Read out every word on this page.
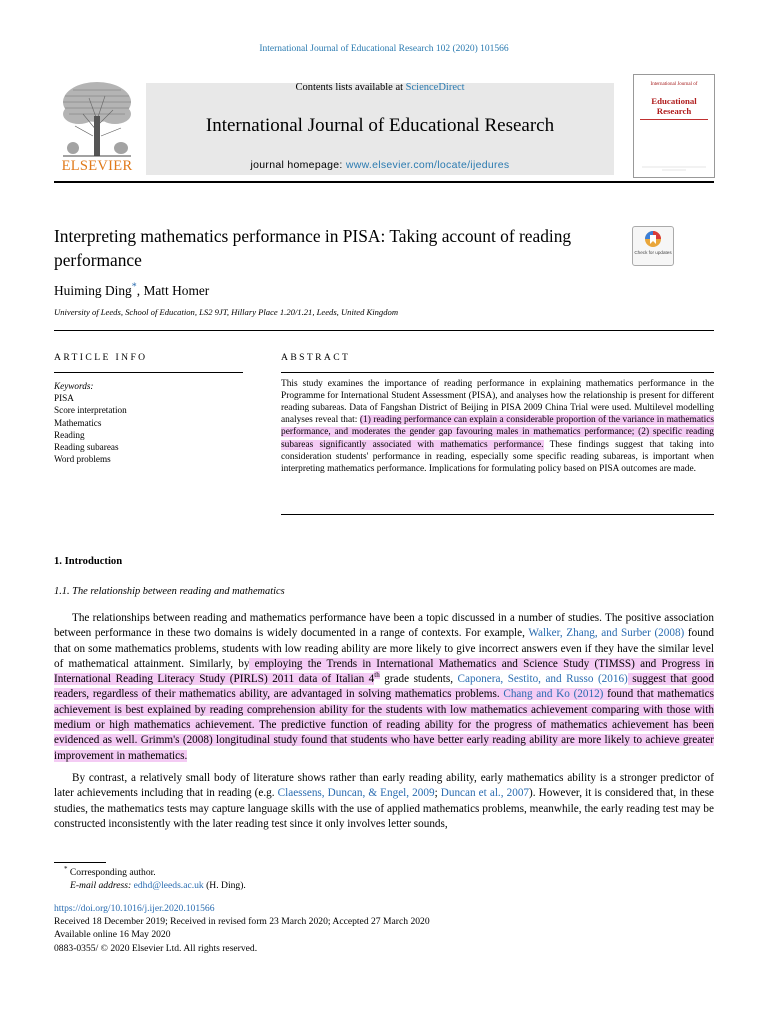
International Journal of Educational Research 102 (2020) 101566
ELSEVIER
Contents lists available at ScienceDirect
International Journal of Educational Research
journal homepage: www.elsevier.com/locate/ijedures
International Journal of
Educational Research
Interpreting mathematics performance in PISA: Taking account of reading performance	Check for updates
Huiming Ding*, Matt Homer
University of Leeds, School of Education, LS2 9JT, Hillary Place 1.20/1.21, Leeds, United Kingdom
ARTICLE INFO	ABSTRACT
Keywords:
PISA
Score interpretation
Mathematics
Reading
Reading subareas
Word problems
This study examines the importance of reading performance in explaining mathematics performance in the Programme for International Student Assessment (PISA), and analyses how the relationship is present for different reading subareas. Data of Fangshan District of Beijing in PISA 2009 China Trial were used. Multilevel modelling analyses reveal that: (1) reading performance can explain a considerable proportion of the variance in mathematics performance, and moderates the gender gap favouring males in mathematics performance; (2) specific reading subareas significantly associated with mathematics performance. These findings suggest that taking into consideration students' performance in reading, especially some specific reading subareas, is important when interpreting mathematics performance. Implications for formulating policy based on PISA outcomes are made.
1. Introduction
1.1. The relationship between reading and mathematics
The relationships between reading and mathematics performance have been a topic discussed in a number of studies. The positive association between performance in these two domains is widely documented in a range of contexts. For example, Walker, Zhang, and Surber (2008) found that on some mathematics problems, students with low reading ability are more likely to give incorrect answers even if they have the similar level of mathematical attainment. Similarly, by employing the Trends in International Mathematics and Science Study (TIMSS) and Progress in International Reading Literacy Study (PIRLS) 2011 data of Italian 4th grade students, Caponera, Sestito, and Russo (2016) suggest that good readers, regardless of their mathematics ability, are advantaged in solving mathematics problems. Chang and Ko (2012) found that mathematics achievement is best explained by reading comprehension ability for the students with low mathematics achievement comparing with those with medium or high mathematics achievement. The predictive function of reading ability for the progress of mathematics achievement has been evidenced as well. Grimm's (2008) longitudinal study found that students who have better early reading ability are more likely to achieve greater improvement in mathematics.
By contrast, a relatively small body of literature shows rather than early reading ability, early mathematics ability is a stronger predictor of later achievements including that in reading (e.g. Claessens, Duncan, & Engel, 2009; Duncan et al., 2007). However, it is considered that, in these studies, the mathematics tests may capture language skills with the use of applied mathematics problems, meanwhile, the early reading test may be constructed inconsistently with the later reading test since it only involves letter sounds,
* Corresponding author.
E-mail address: edhd@leeds.ac.uk (H. Ding).
https://doi.org/10.1016/j.ijer.2020.101566
Received 18 December 2019; Received in revised form 23 March 2020; Accepted 27 March 2020
Available online 16 May 2020
0883-0355/ © 2020 Elsevier Ltd. All rights reserved.
